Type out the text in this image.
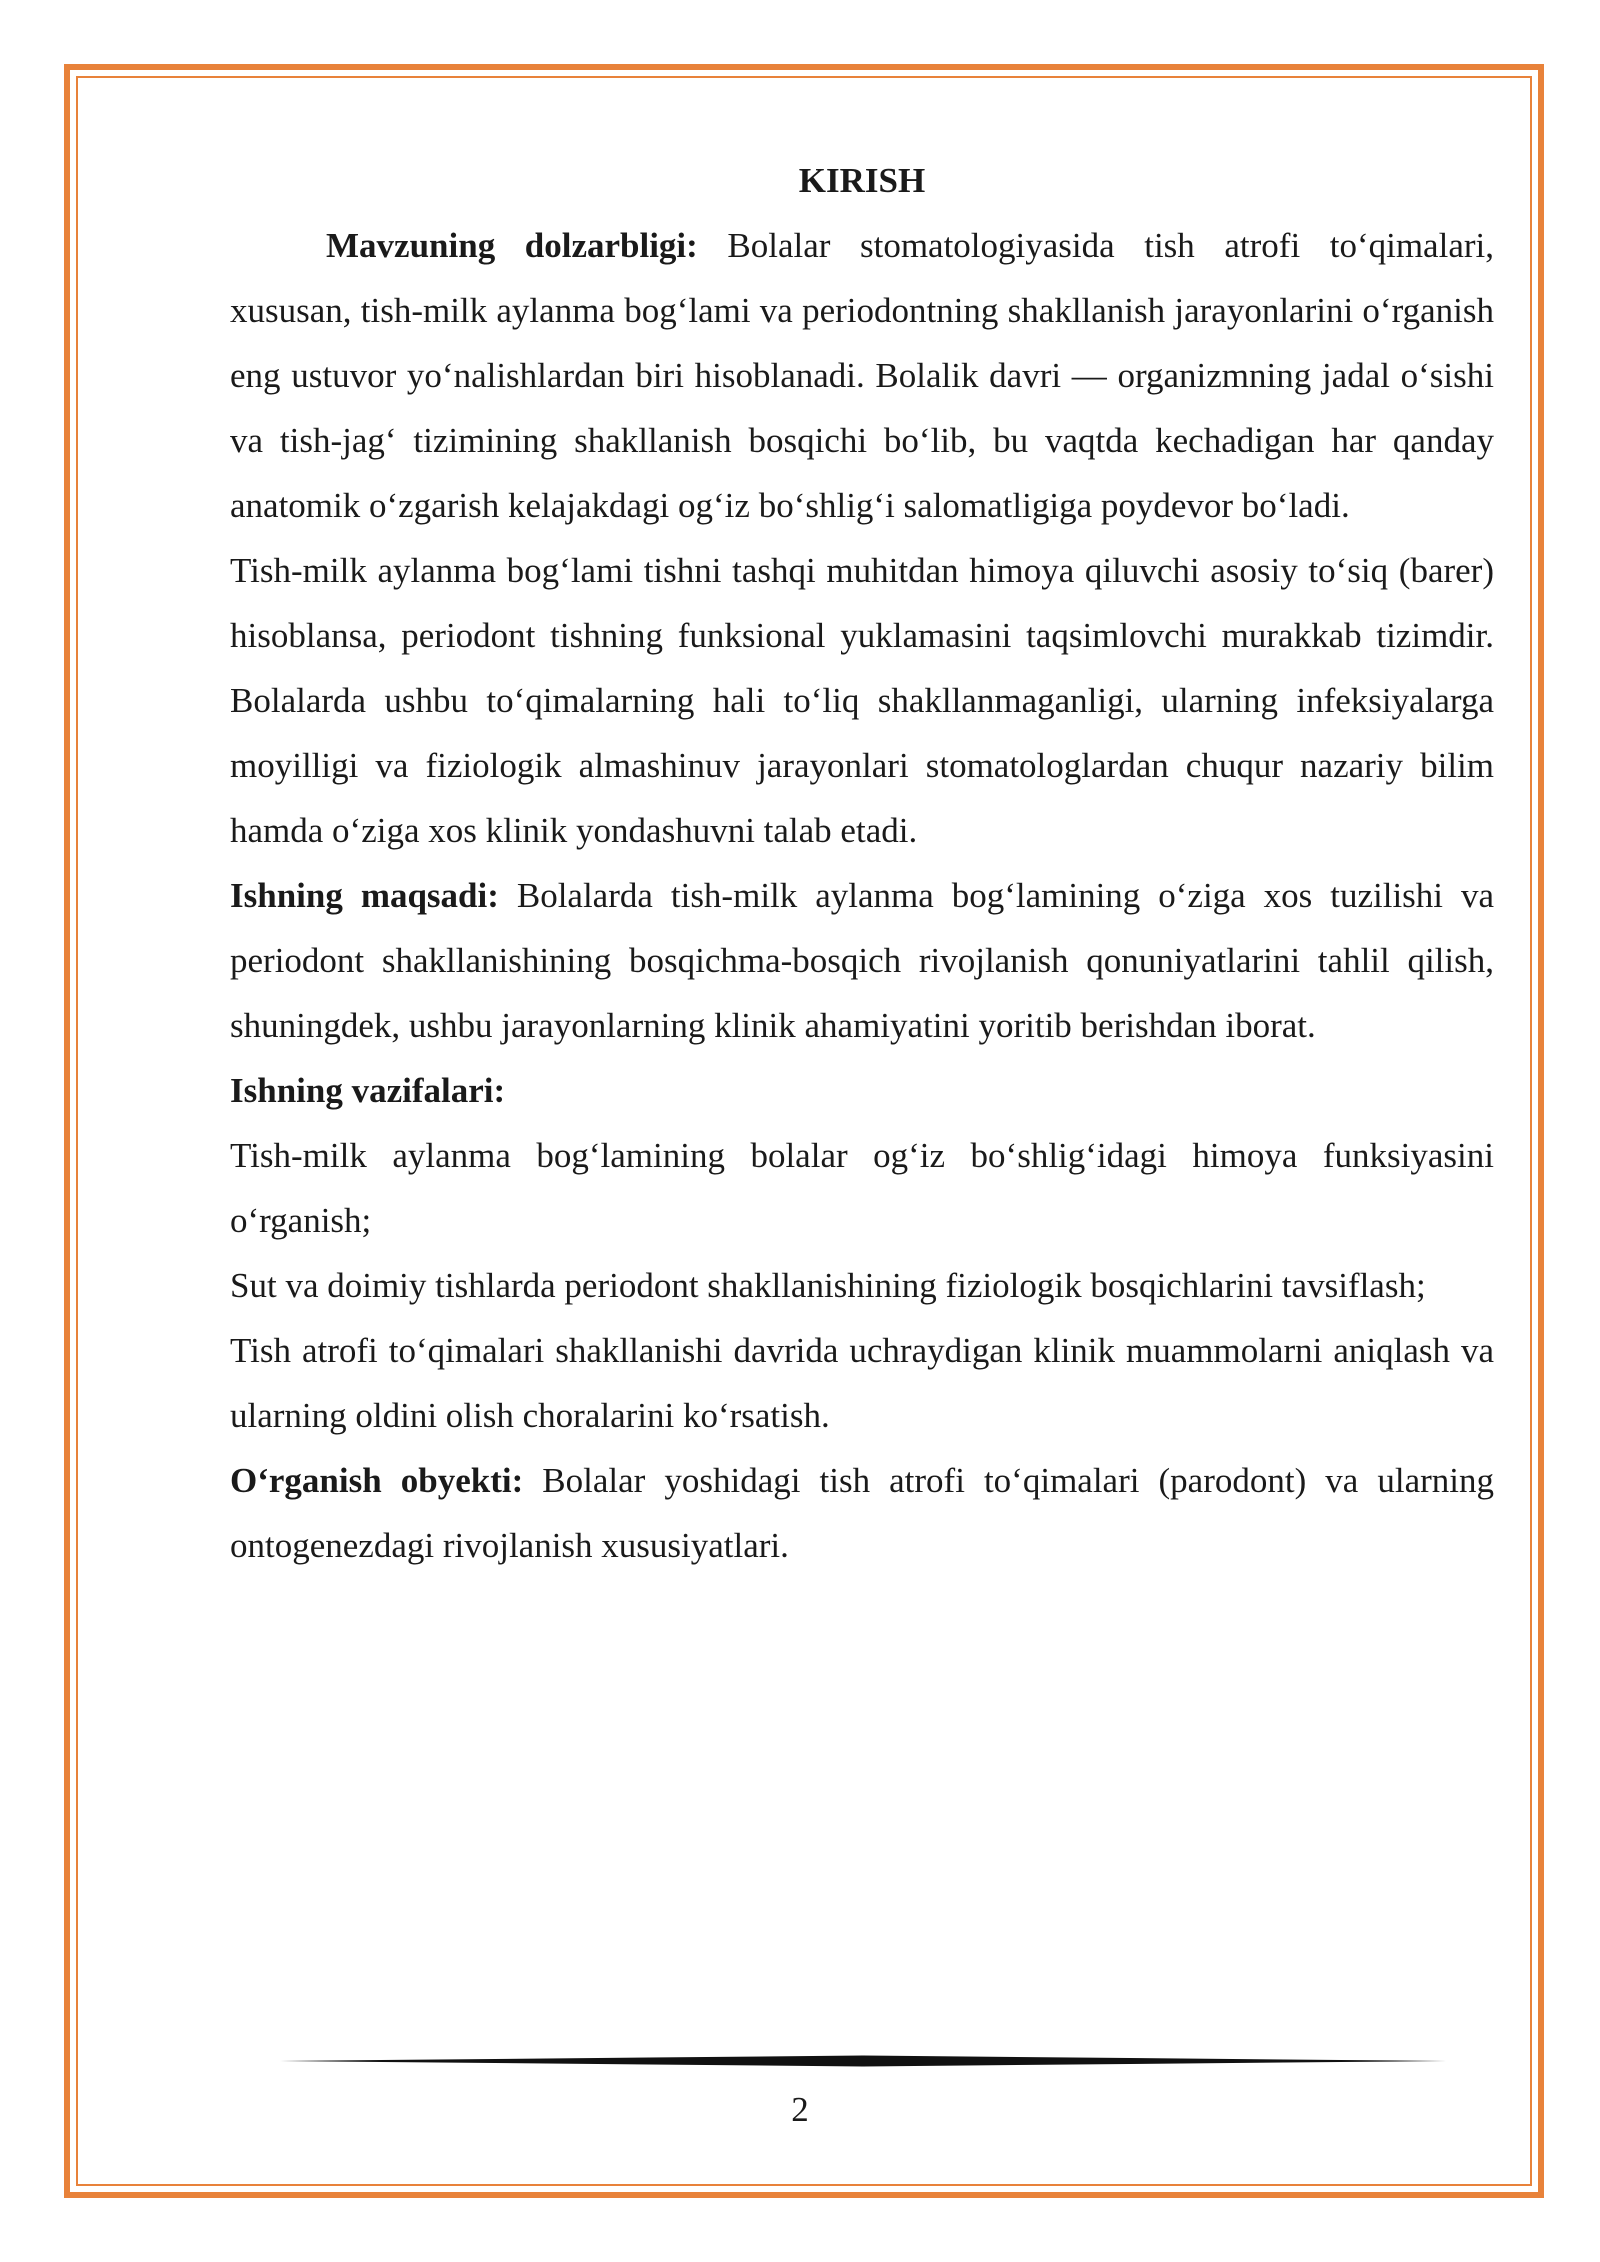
KIRISH

Mavzuning dolzarbligi: Bolalar stomatologiyasida tish atrofi to‘qimalari, xususan, tish-milk aylanma bog‘lami va periodontning shakllanish jarayonlarini o‘rganish eng ustuvor yo‘nalishlardan biri hisoblanadi. Bolalik davri — organizmning jadal o‘sishi va tish-jag‘ tizimining shakllanish bosqichi bo‘lib, bu vaqtda kechadigan har qanday anatomik o‘zgarish kelajakdagi og‘iz bo‘shlig‘i salomatligiga poydevor bo‘ladi.

Tish-milk aylanma bog‘lami tishni tashqi muhitdan himoya qiluvchi asosiy to‘siq (barer) hisoblansa, periodont tishning funksional yuklamasini taqsimlovchi murakkab tizimdir. Bolalarda ushbu to‘qimalarning hali to‘liq shakllanmaganligi, ularning infeksiyalarga moyilligi va fiziologik almashinuv jarayonlari stomatologlardan chuqur nazariy bilim hamda o‘ziga xos klinik yondashuvni talab etadi.

Ishning maqsadi: Bolalarda tish-milk aylanma bog‘lamining o‘ziga xos tuzilishi va periodont shakllanishining bosqichma-bosqich rivojlanish qonuniyatlarini tahlil qilish, shuningdek, ushbu jarayonlarning klinik ahamiyatini yoritib berishdan iborat.

Ishning vazifalari:

Tish-milk aylanma bog‘lamining bolalar og‘iz bo‘shlig‘idagi himoya funksiyasini o‘rganish;

Sut va doimiy tishlarda periodont shakllanishining fiziologik bosqichlarini tavsiflash;

Tish atrofi to‘qimalari shakllanishi davrida uchraydigan klinik muammolarni aniqlash va ularning oldini olish choralarini ko‘rsatish.

O‘rganish obyekti: Bolalar yoshidagi tish atrofi to‘qimalari (parodont) va ularning ontogenezdagi rivojlanish xususiyatlari.

2
